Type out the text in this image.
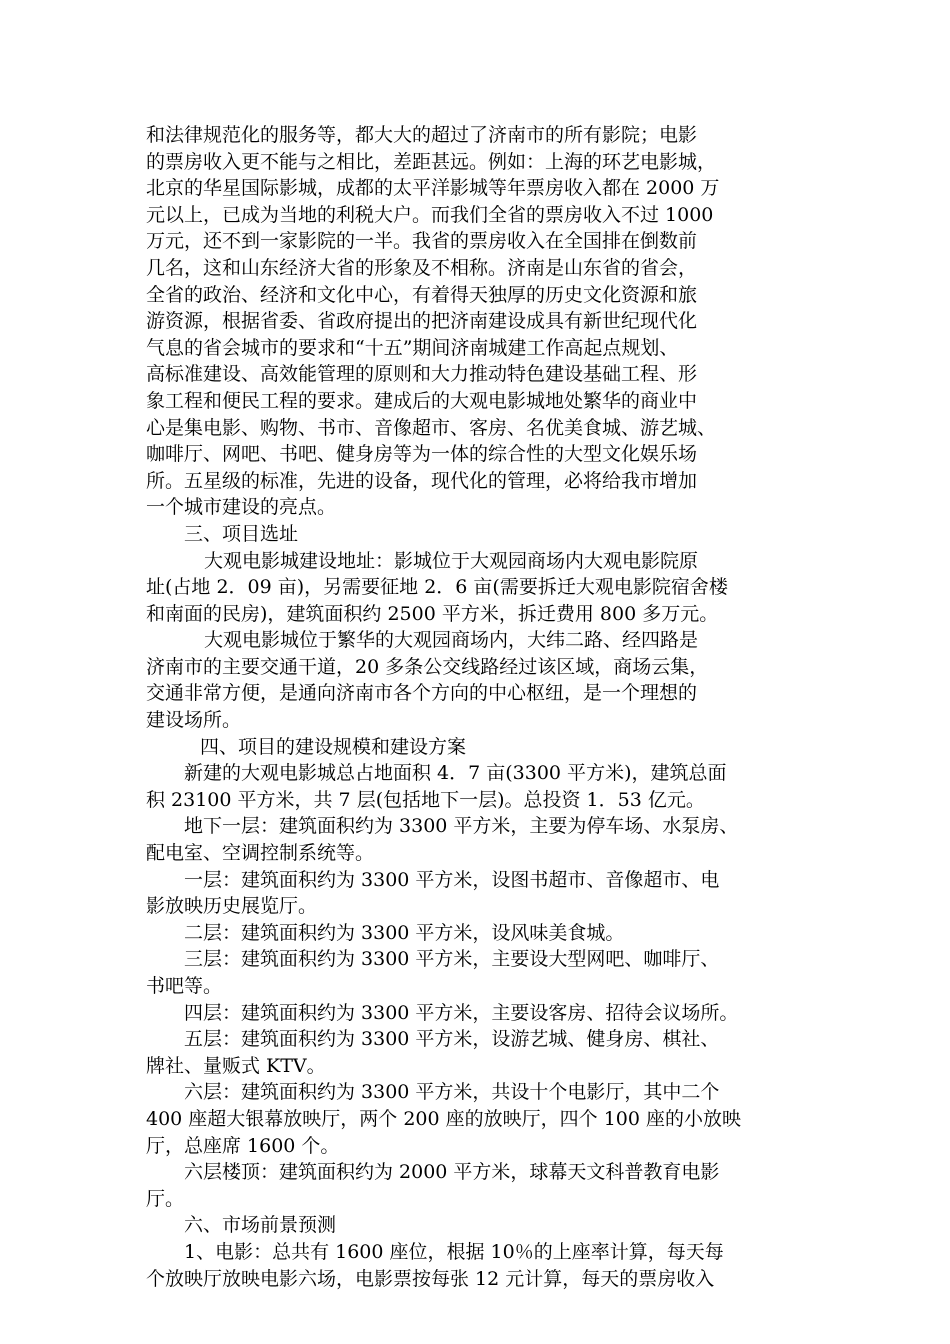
和法律规范化的服务等，都大大的超过了济南市的所有影院；电影
的票房收入更不能与之相比，差距甚远。例如：上海的环艺电影城，
北京的华星国际影城，成都的太平洋影城等年票房收入都在 2000 万
元以上，已成为当地的利税大户。而我们全省的票房收入不过 1000
万元，还不到一家影院的一半。我省的票房收入在全国排在倒数前
几名，这和山东经济大省的形象及不相称。济南是山东省的省会，
全省的政治、经济和文化中心，有着得天独厚的历史文化资源和旅
游资源，根据省委、省政府提出的把济南建设成具有新世纪现代化
气息的省会城市的要求和“十五”期间济南城建工作高起点规划、
高标准建设、高效能管理的原则和大力推动特色建设基础工程、形
象工程和便民工程的要求。建成后的大观电影城地处繁华的商业中
心是集电影、购物、书市、音像超市、客房、名优美食城、游艺城、
咖啡厅、网吧、书吧、健身房等为一体的综合性的大型文化娱乐场
所。五星级的标准，先进的设备，现代化的管理，必将给我市增加
一个城市建设的亮点。
三、项目选址
大观电影城建设地址：影城位于大观园商场内大观电影院原
址(占地 2．09 亩)，另需要征地 2．6 亩(需要拆迁大观电影院宿舍楼
和南面的民房)，建筑面积约 2500 平方米，拆迁费用 800 多万元。
大观电影城位于繁华的大观园商场内，大纬二路、经四路是
济南市的主要交通干道，20 多条公交线路经过该区域，商场云集，
交通非常方便，是通向济南市各个方向的中心枢纽，是一个理想的
建设场所。
四、项目的建设规模和建设方案
新建的大观电影城总占地面积 4．7 亩(3300 平方米)，建筑总面
积 23100 平方米，共 7 层(包括地下一层)。总投资 1．53 亿元。
地下一层：建筑面积约为 3300 平方米，主要为停车场、水泵房、
配电室、空调控制系统等。
一层：建筑面积约为 3300 平方米，设图书超市、音像超市、电
影放映历史展览厅。
二层：建筑面积约为 3300 平方米，设风味美食城。
三层：建筑面积约为 3300 平方米，主要设大型网吧、咖啡厅、
书吧等。
四层：建筑面积约为 3300 平方米，主要设客房、招待会议场所。
五层：建筑面积约为 3300 平方米，设游艺城、健身房、棋社、
牌社、量贩式 KTV。
六层：建筑面积约为 3300 平方米，共设十个电影厅，其中二个
400 座超大银幕放映厅，两个 200 座的放映厅，四个 100 座的小放映
厅，总座席 1600 个。
六层楼顶：建筑面积约为 2000 平方米，球幕天文科普教育电影
厅。
六、市场前景预测
1、电影：总共有 1600 座位，根据 10％的上座率计算，每天每
个放映厅放映电影六场，电影票按每张 12 元计算，每天的票房收入
